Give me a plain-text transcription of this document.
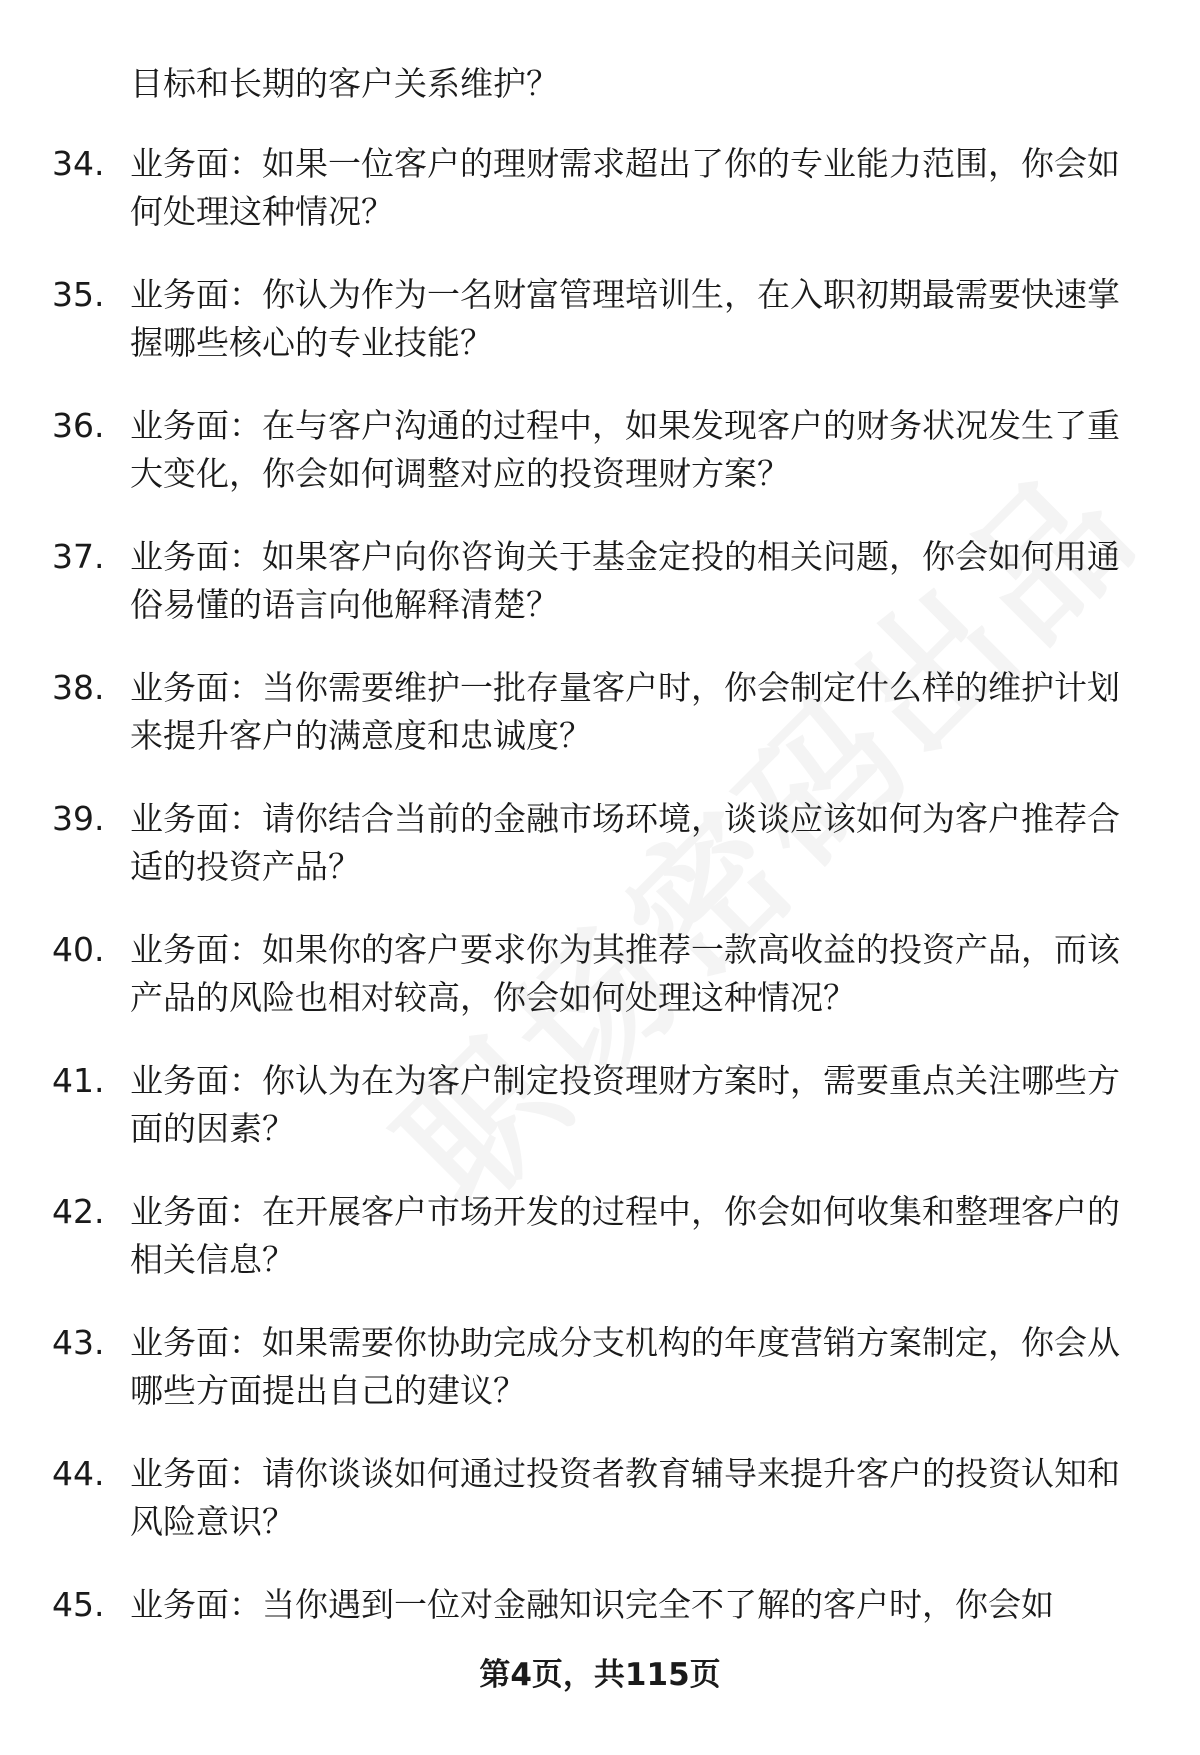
目标和长期的客户关系维护？
34. 业务面：如果一位客户的理财需求超出了你的专业能力范围，你会如何处理这种情况？
35. 业务面：你认为作为一名财富管理培训生，在入职初期最需要快速掌握哪些核心的专业技能？
36. 业务面：在与客户沟通的过程中，如果发现客户的财务状况发生了重大变化，你会如何调整对应的投资理财方案？
37. 业务面：如果客户向你咨询关于基金定投的相关问题，你会如何用通俗易懂的语言向他解释清楚？
38. 业务面：当你需要维护一批存量客户时，你会制定什么样的维护计划来提升客户的满意度和忠诚度？
39. 业务面：请你结合当前的金融市场环境，谈谈应该如何为客户推荐合适的投资产品？
40. 业务面：如果你的客户要求你为其推荐一款高收益的投资产品，而该产品的风险也相对较高，你会如何处理这种情况？
41. 业务面：你认为在为客户制定投资理财方案时，需要重点关注哪些方面的因素？
42. 业务面：在开展客户市场开发的过程中，你会如何收集和整理客户的相关信息？
43. 业务面：如果需要你协助完成分支机构的年度营销方案制定，你会从哪些方面提出自己的建议？
44. 业务面：请你谈谈如何通过投资者教育辅导来提升客户的投资认知和风险意识？
45. 业务面：当你遇到一位对金融知识完全不了解的客户时，你会如
第4页，共115页
